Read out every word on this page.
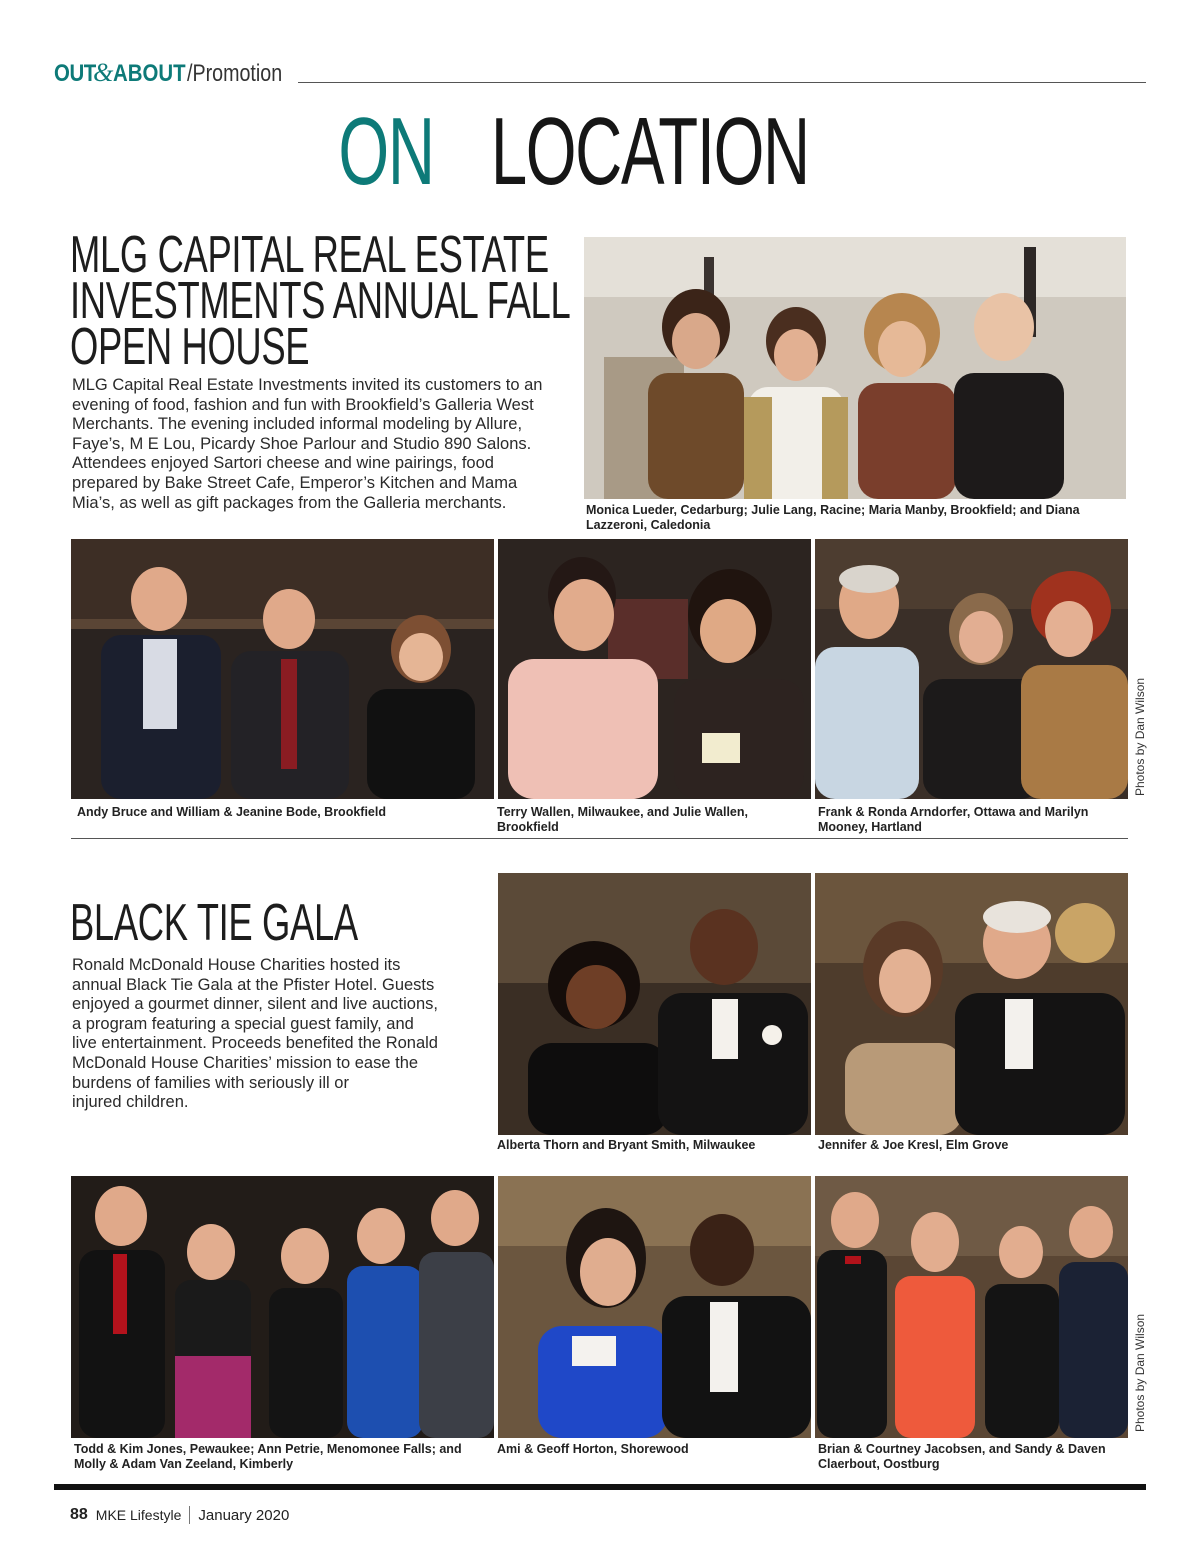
OUT
& ABOUT /Promotion
ON LOCATION
MLG CAPITAL REAL ESTATE
INVESTMENTS ANNUAL FALL
OPEN HOUSE
MLG Capital Real Estate Investments invited its customers to an
evening of food, fashion and fun with Brookfield’s Galleria West
Merchants. The evening included informal modeling by Allure,
Faye’s, M E Lou, Picardy Shoe Parlour and Studio 890 Salons.
Attendees enjoyed Sartori cheese and wine pairings, food
prepared by Bake Street Cafe, Emperor’s Kitchen and Mama
Mia’s, as well as gift packages from the Galleria merchants.	Monica Lueder, Cedarburg; Julie Lang, Racine; Maria Manby, Brookfield; and Diana Lazzeroni, Caledonia
Andy Bruce and William & Jeanine Bode, Brookfield	Terry Wallen, Milwaukee, and Julie Wallen, Brookfield
Frank & Ronda Arndorfer, Ottawa and Marilyn Mooney, Hartland
Photos by Dan Wilson
BLACK TIE GALA
Ronald McDonald House Charities hosted its
annual Black Tie Gala at the Pfister Hotel. Guests
enjoyed a gourmet dinner, silent and live auctions,
a program featuring a special guest family, and
live entertainment. Proceeds benefited the Ronald
McDonald House Charities’ mission to ease the
burdens of families with seriously ill or
injured children.
Alberta Thorn and Bryant Smith, Milwaukee	Jennifer & Joe Kresl, Elm Grove
Todd & Kim Jones, Pewaukee; Ann Petrie, Menomonee Falls; and Molly & Adam Van Zeeland, Kimberly
Ami & Geoff Horton, Shorewood	Brian & Courtney Jacobsen, and Sandy & Daven Claerbout, Oostburg
Photos by Dan Wilson
88 MKE Lifestyle January 2020
